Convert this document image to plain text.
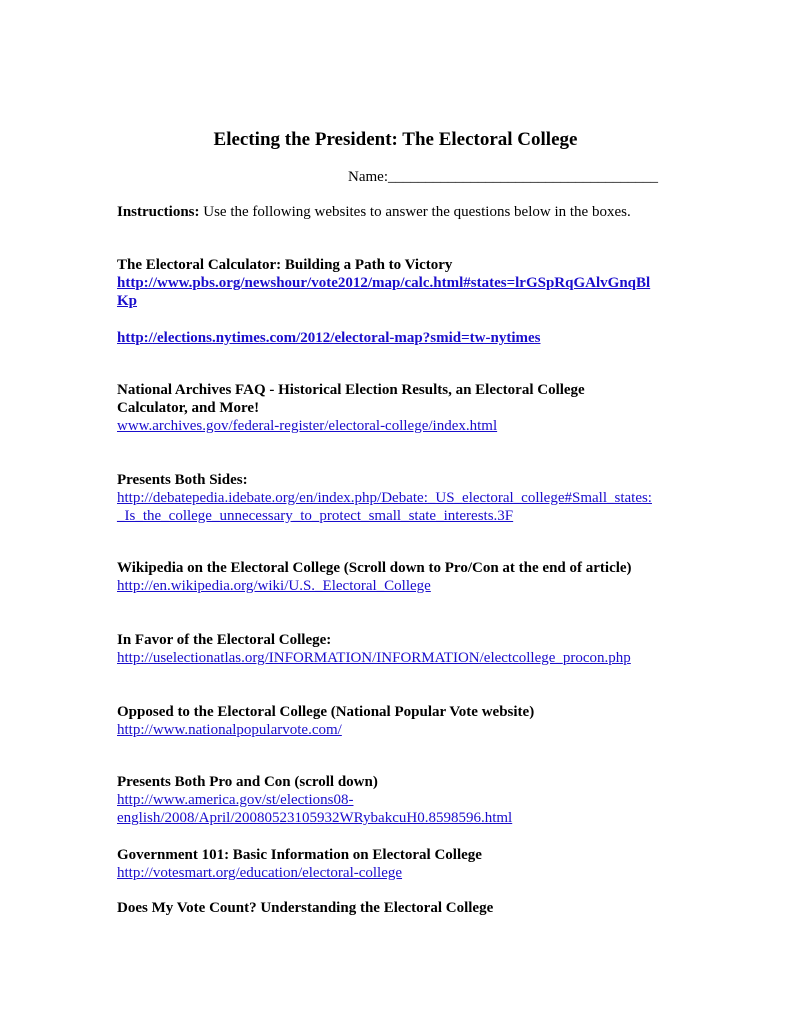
Electing the President: The Electoral College
Name:____________________________________
Instructions: Use the following websites to answer the questions below in the boxes.

The Electoral Calculator: Building a Path to Victory

http://www.pbs.org/newshour/vote2012/map/calc.html#states=lrGSpRqGAlvGnqBl
Kp
http://elections.nytimes.com/2012/electoral-map?smid=tw-nytimes

National Archives FAQ - Historical Election Results, an Electoral College
Calculator, and More!

www.archives.gov/federal-register/electoral-college/index.html

Presents Both Sides:

http://debatepedia.idebate.org/en/index.php/Debate:_US_electoral_college#Small_states:
_Is_the_college_unnecessary_to_protect_small_state_interests.3F

Wikipedia on the Electoral College (Scroll down to Pro/Con at the end of article)

http://en.wikipedia.org/wiki/U.S._Electoral_College

In Favor of the Electoral College:

http://uselectionatlas.org/INFORMATION/INFORMATION/electcollege_procon.php

Opposed to the Electoral College (National Popular Vote website)

http://www.nationalpopularvote.com/

Presents Both Pro and Con (scroll down)

http://www.america.gov/st/elections08-
english/2008/April/20080523105932WRybakcuH0.8598596.html

Government 101: Basic Information on Electoral College

http://votesmart.org/education/electoral-college

Does My Vote Count? Understanding the Electoral College
